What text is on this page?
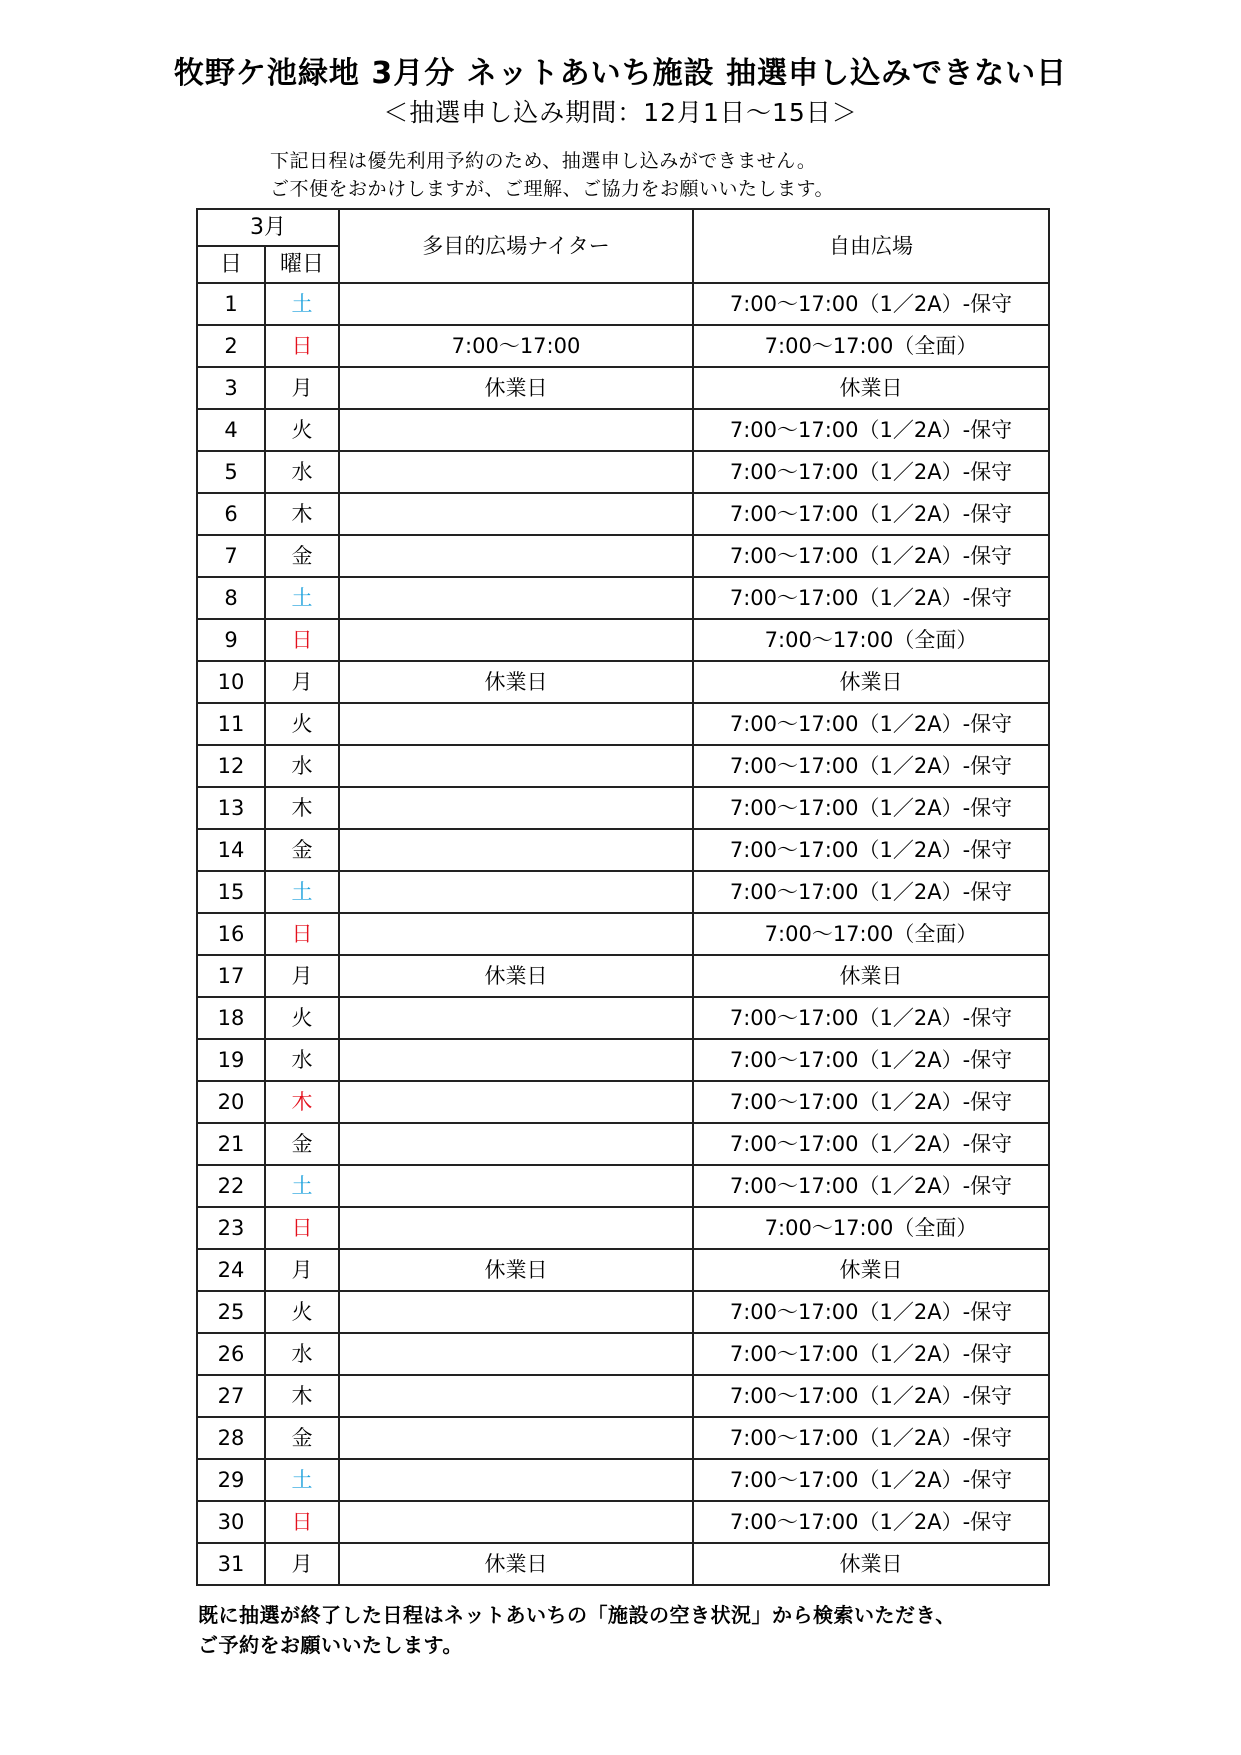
牧野ケ池緑地 3月分 ネットあいち施設 抽選申し込みできない日
＜抽選申し込み期間：12月1日～15日＞
下記日程は優先利用予約のため、抽選申し込みができません。
ご不便をおかけしますが、ご理解、ご協力をお願いいたします。
3月		多目的広場ナイター	自由広場
日	曜日		
1	土		7:00～17:00（1／2A）-保守
2	日	7:00～17:00	7:00～17:00（全面）
3	月	休業日	休業日
4	火		7:00～17:00（1／2A）-保守
5	水		7:00～17:00（1／2A）-保守
6	木		7:00～17:00（1／2A）-保守
7	金		7:00～17:00（1／2A）-保守
8	土		7:00～17:00（1／2A）-保守
9	日		7:00～17:00（全面）
10	月	休業日	休業日
11	火		7:00～17:00（1／2A）-保守
12	水		7:00～17:00（1／2A）-保守
13	木		7:00～17:00（1／2A）-保守
14	金		7:00～17:00（1／2A）-保守
15	土		7:00～17:00（1／2A）-保守
16	日		7:00～17:00（全面）
17	月	休業日	休業日
18	火		7:00～17:00（1／2A）-保守
19	水		7:00～17:00（1／2A）-保守
20	木		7:00～17:00（1／2A）-保守
21	金		7:00～17:00（1／2A）-保守
22	土		7:00～17:00（1／2A）-保守
23	日		7:00～17:00（全面）
24	月	休業日	休業日
25	火		7:00～17:00（1／2A）-保守
26	水		7:00～17:00（1／2A）-保守
27	木		7:00～17:00（1／2A）-保守
28	金		7:00～17:00（1／2A）-保守
29	土		7:00～17:00（1／2A）-保守
30	日		7:00～17:00（1／2A）-保守
31	月	休業日	休業日
既に抽選が終了した日程はネットあいちの「施設の空き状況」から検索いただき、
ご予約をお願いいたします。
